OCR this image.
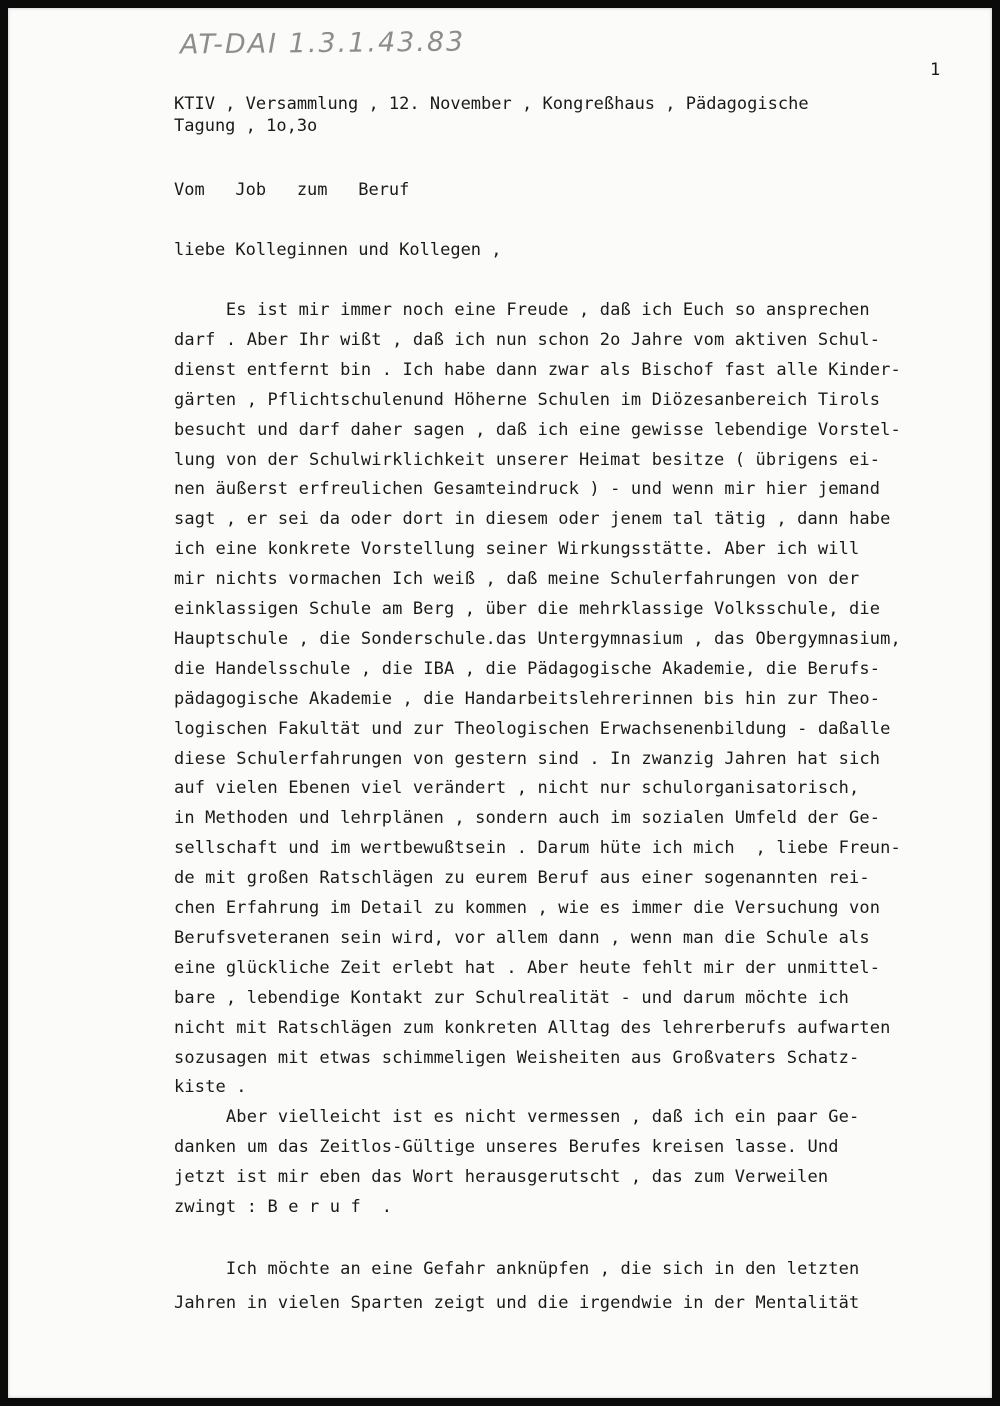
AT-DAI 1.3.1.43.83
1
KTIV , Versammlung , 12. November , Kongreßhaus , Pädagogische
Tagung , 1o,3o
Vom   Job   zum   Beruf
liebe Kolleginnen und Kollegen ,
Es ist mir immer noch eine Freude , daß ich Euch so ansprechen
darf . Aber Ihr wißt , daß ich nun schon 2o Jahre vom aktiven Schul-
dienst entfernt bin . Ich habe dann zwar als Bischof fast alle Kinder-
gärten , Pflichtschulenund Höherne Schulen im Diözesanbereich Tirols
besucht und darf daher sagen , daß ich eine gewisse lebendige Vorstel-
lung von der Schulwirklichkeit unserer Heimat besitze ( übrigens ei-
nen äußerst erfreulichen Gesamteindruck ) - und wenn mir hier jemand
sagt , er sei da oder dort in diesem oder jenem tal tätig , dann habe
ich eine konkrete Vorstellung seiner Wirkungsstätte. Aber ich will
mir nichts vormachen Ich weiß , daß meine Schulerfahrungen von der
einklassigen Schule am Berg , über die mehrklassige Volksschule, die
Hauptschule , die Sonderschule.das Untergymnasium , das Obergymnasium,
die Handelsschule , die IBA , die Pädagogische Akademie, die Berufs-
pädagogische Akademie , die Handarbeitslehrerinnen bis hin zur Theo-
logischen Fakultät und zur Theologischen Erwachsenenbildung - daßalle
diese Schulerfahrungen von gestern sind . In zwanzig Jahren hat sich
auf vielen Ebenen viel verändert , nicht nur schulorganisatorisch,
in Methoden und lehrplänen , sondern auch im sozialen Umfeld der Ge-
sellschaft und im wertbewußtsein . Darum hüte ich mich  , liebe Freun-
de mit großen Ratschlägen zu eurem Beruf aus einer sogenannten rei-
chen Erfahrung im Detail zu kommen , wie es immer die Versuchung von
Berufsveteranen sein wird, vor allem dann , wenn man die Schule als
eine glückliche Zeit erlebt hat . Aber heute fehlt mir der unmittel-
bare , lebendige Kontakt zur Schulrealität - und darum möchte ich
nicht mit Ratschlägen zum konkreten Alltag des lehrerberufs aufwarten
sozusagen mit etwas schimmeligen Weisheiten aus Großvaters Schatz-
kiste .
Aber vielleicht ist es nicht vermessen , daß ich ein paar Ge-
danken um das Zeitlos-Gültige unseres Berufes kreisen lasse. Und
jetzt ist mir eben das Wort herausgerutscht , das zum Verweilen
zwingt : B e r u f  .
Ich möchte an eine Gefahr anknüpfen , die sich in den letzten
Jahren in vielen Sparten zeigt und die irgendwie in der Mentalität
